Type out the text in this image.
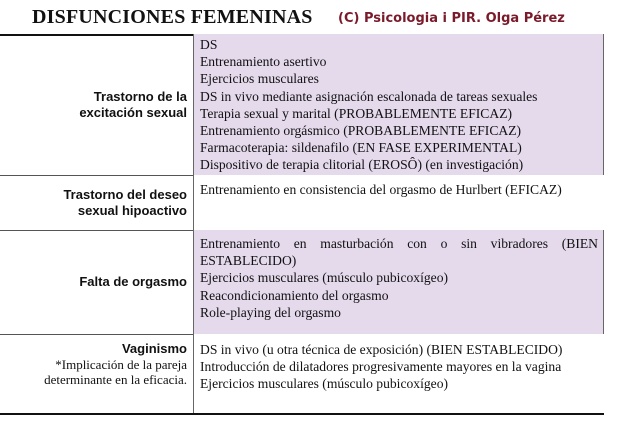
DISFUNCIONES FEMENINAS (C) Psicologia i PIR. Olga Pérez
Trastorno de la excitación sexual
DS
Entrenamiento asertivo
Ejercicios musculares
DS in vivo mediante asignación escalonada de tareas sexuales
Terapia sexual y marital (PROBABLEMENTE EFICAZ)
Entrenamiento orgásmico (PROBABLEMENTE EFICAZ)
Farmacoterapia: sildenafilo (EN FASE EXPERIMENTAL)
Dispositivo de terapia clitorial (EROSÔ) (en investigación)
Trastorno del deseo sexual hipoactivo
Entrenamiento en consistencia del orgasmo de Hurlbert (EFICAZ)
Falta de orgasmo
Entrenamiento en masturbación con o sin vibradores (BIEN ESTABLECIDO)
Ejercicios musculares (músculo pubicoxígeo)
Reacondicionamiento del orgasmo
Role-playing del orgasmo
Vaginismo
*Implicación de la pareja determinante en la eficacia.
DS in vivo (u otra técnica de exposición) (BIEN ESTABLECIDO)
Introducción de dilatadores progresivamente mayores en la vagina
Ejercicios musculares (músculo pubicoxígeo)
